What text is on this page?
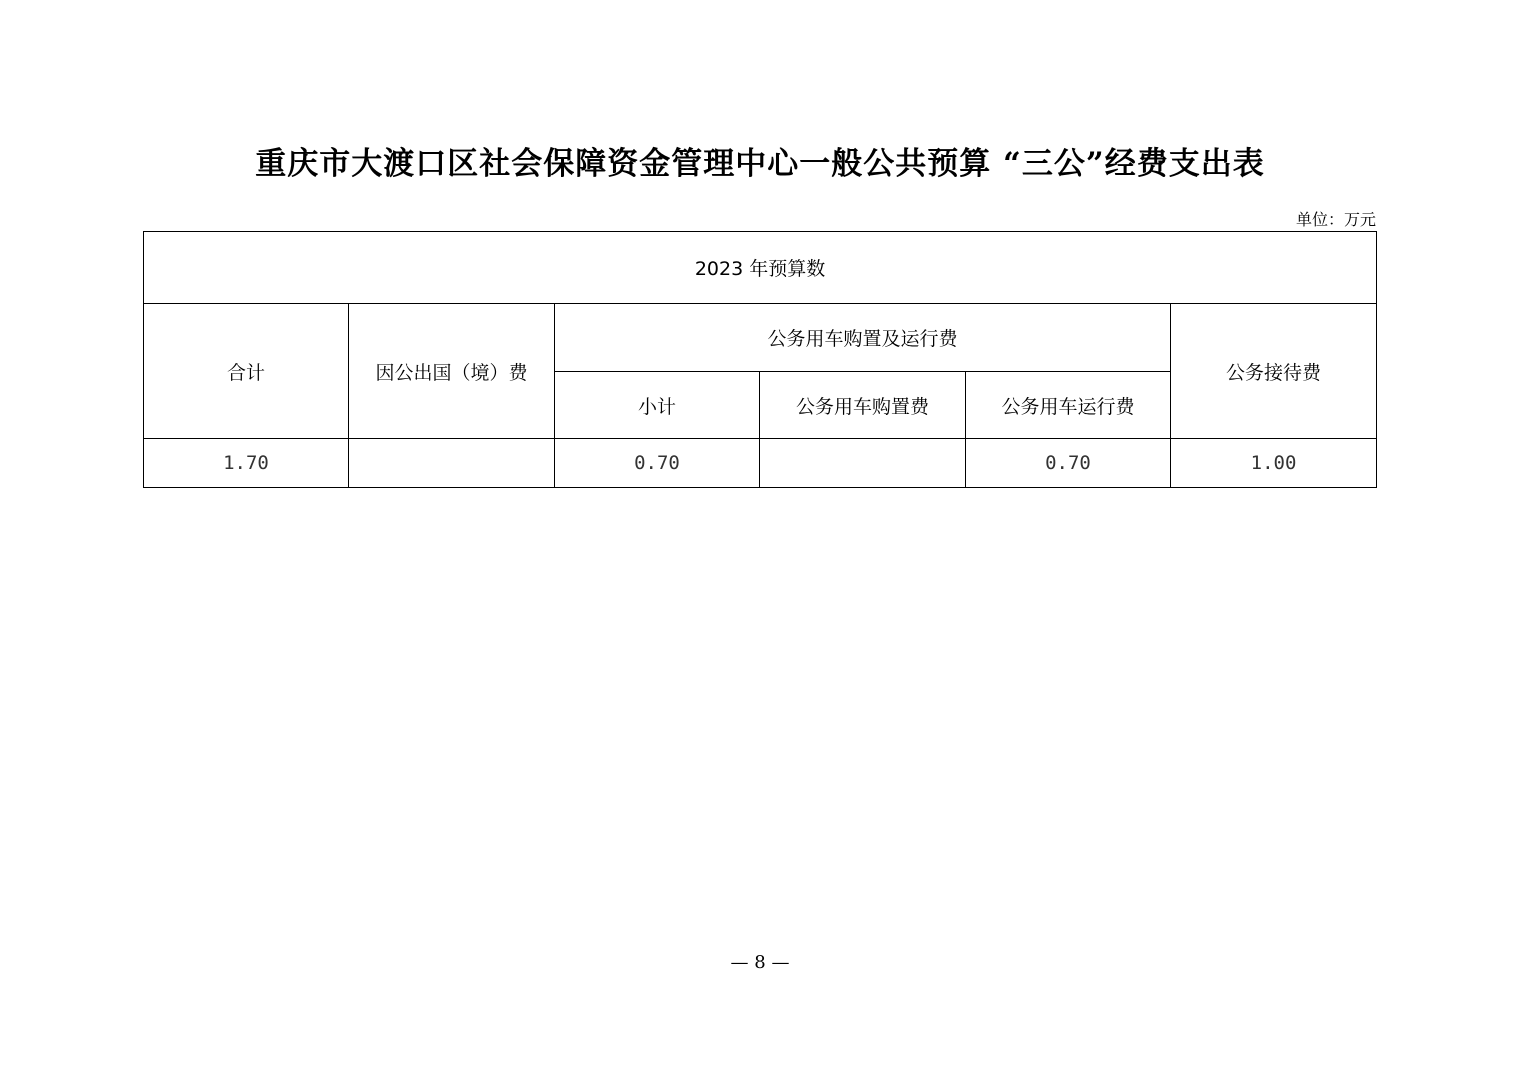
重庆市大渡口区社会保障资金管理中心一般公共预算 “三公”经费支出表
单位：万元
2023 年预算数					
合计	因公出国（境）费	公务用车购置及运行费			公务接待费
		小计	公务用车购置费	公务用车运行费	
1.70		0.70		0.70	1.00
— 8 —
